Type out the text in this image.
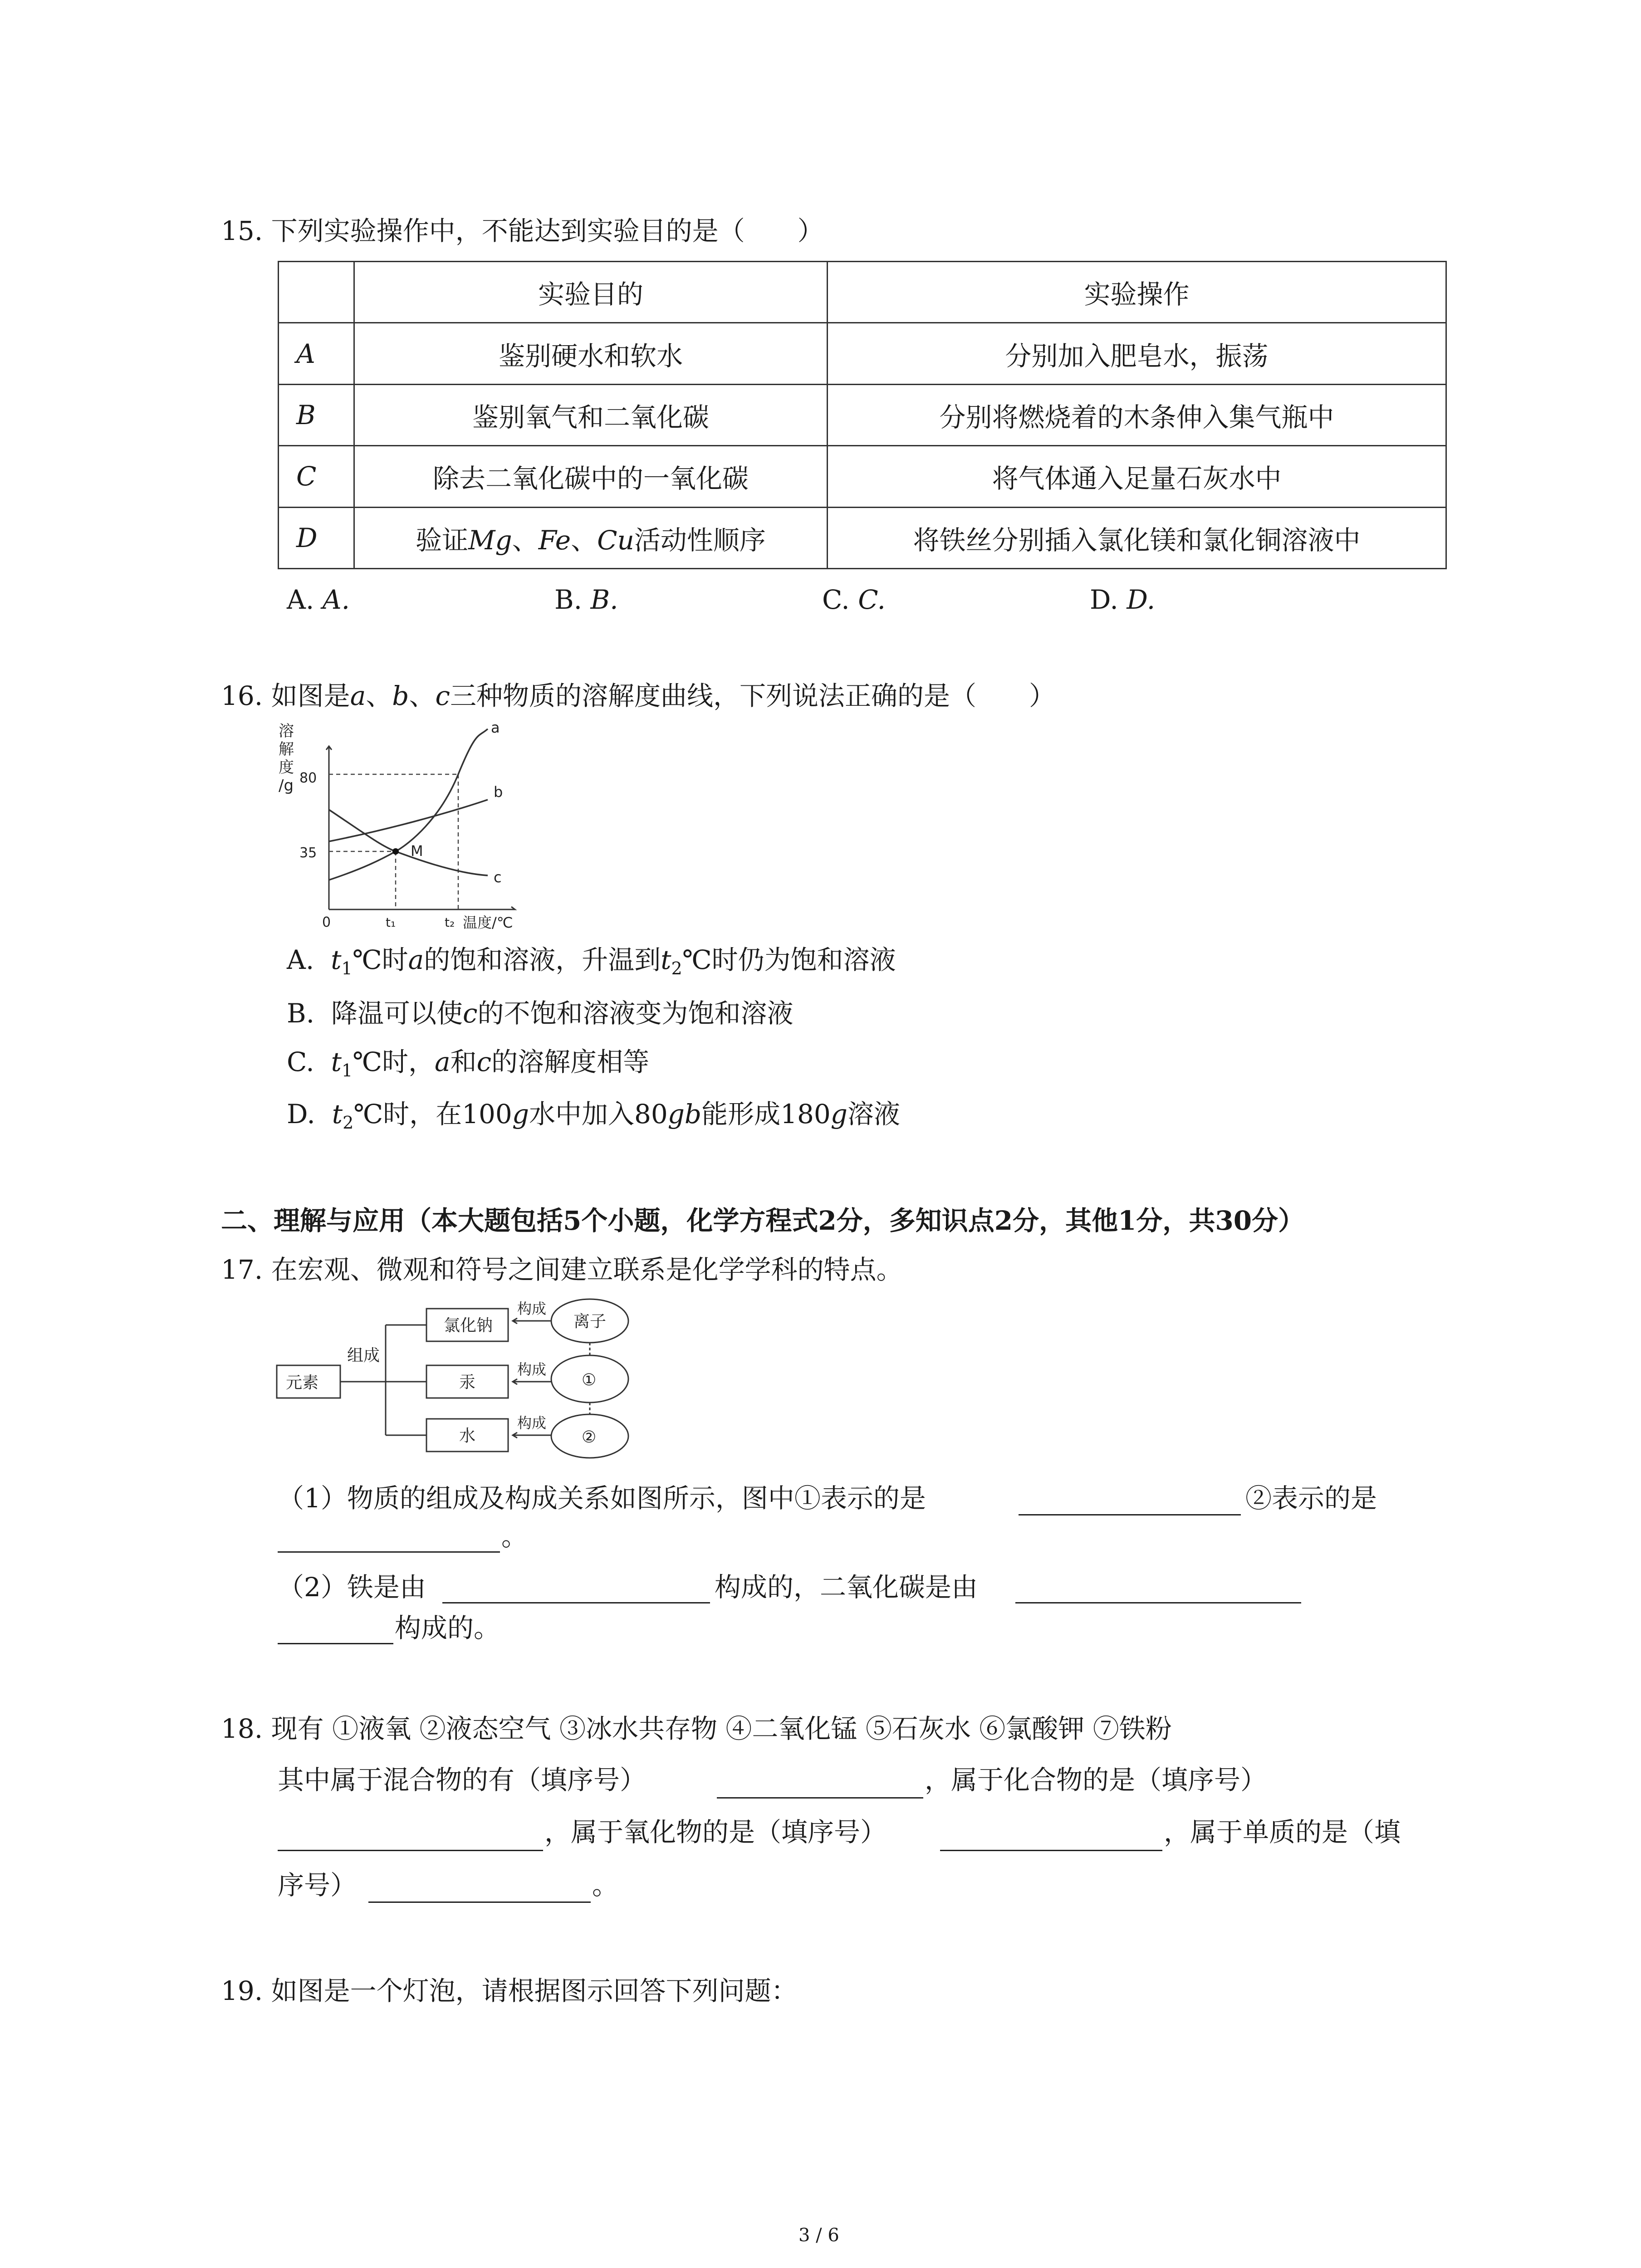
15. 下列实验操作中，不能达到实验目的是（　　）
	实验目的	实验操作
A	鉴别硬水和软水	分别加入肥皂水，振荡
B	鉴别氧气和二氧化碳	分别将燃烧着的木条伸入集气瓶中
C	除去二氧化碳中的一氧化碳	将气体通入足量石灰水中
D	验证Mg、Fe、Cu活动性顺序	将铁丝分别插入氯化镁和氯化铜溶液中
A. A.	B. B.	C. C.	D. D.
16. 如图是a、b、c三种物质的溶解度曲线，下列说法正确的是（　　）
溶
解
度
/g 80
35
0	t₁	t₂ 温度/℃
a
b
c
M
A. $t_1℃$时a的饱和溶液，升温到$t_2℃$时仍为饱和溶液
B. 降温可以使c的不饱和溶液变为饱和溶液
C. $t_1℃$时，a和c的溶解度相等
D. $t_2℃$时，在100g水中加入80gb能形成180g溶液
二、理解与应用（本大题包括5个小题，化学方程式2分，多知识点2分，其他1分，共30分）
17. 在宏观、微观和符号之间建立联系是化学学科的特点。
元素
组成
氯化钠
汞
水
构成
构成
构成
离子
①
②
（1）物质的组成及构成关系如图所示，图中①表示的是	②表示的是
。
（2）铁是由	构成的，二氧化碳是由
构成的。
18. 现有 ①液氧 ②液态空气 ③冰水共存物 ④二氧化锰 ⑤石灰水 ⑥氯酸钾 ⑦铁粉
其中属于混合物的有（填序号）	，属于化合物的是（填序号）
，属于氧化物的是（填序号）	，属于单质的是（填
序号）	。
19. 如图是一个灯泡，请根据图示回答下列问题：
3 / 6
